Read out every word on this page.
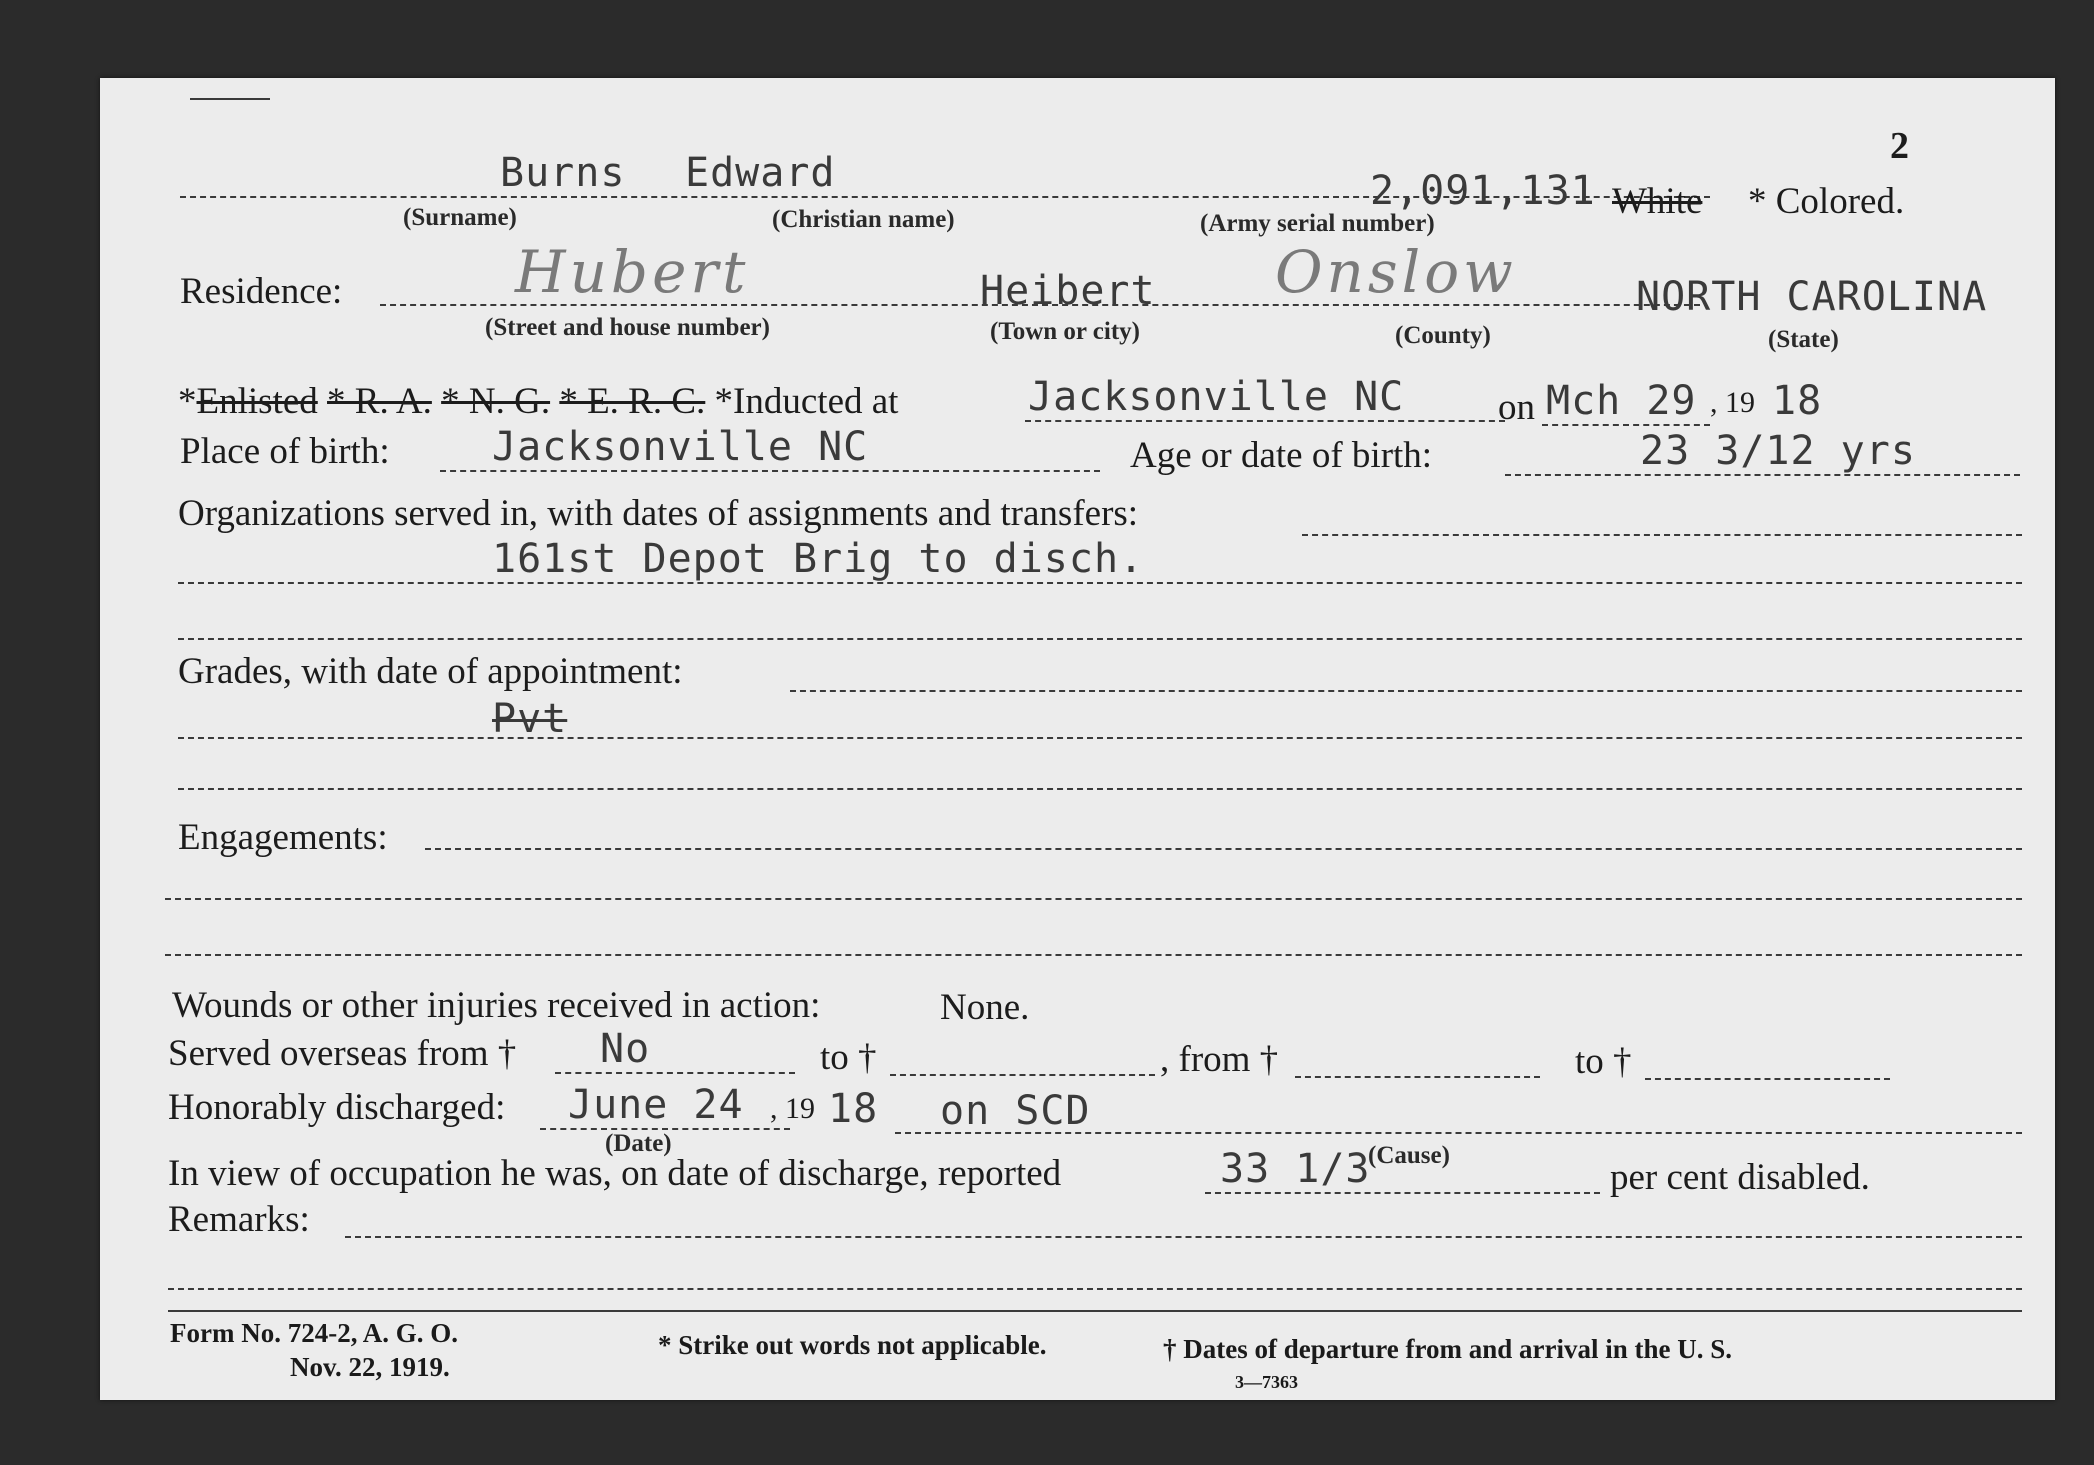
2
Burns Edward	2,091,131 White * Colored.
(Surname)	(Christian name)	(Army serial number)
Residence:	Hubert	Heibert Onslow	NORTH CAROLINA
(Street and house number)	(Town or city)	(County)	(State)
*Enlisted * R. A. * N. G. * E. R. C. *Inducted at	Jacksonville NC	on Mch 29 , 19 18
Place of birth:	Jacksonville NC	Age or date of birth:	23 3/12 yrs
Organizations served in, with dates of assignments and transfers:
161st Depot Brig to disch.
Grades, with date of appointment:
Pvt
Engagements:
Wounds or other injuries received in action:	None.
Served overseas from † No	to †	, from †	to †
Honorably discharged: June 24 , 19 18 on SCD
(Date)
In view of occupation he was, on date of discharge, reported	33 1/3
(Cause)
per cent disabled.
Remarks:
Form No. 724-2, A. G. O.
Nov. 22, 1919.
* Strike out words not applicable.	† Dates of departure from and arrival in the U. S.
3—7363
